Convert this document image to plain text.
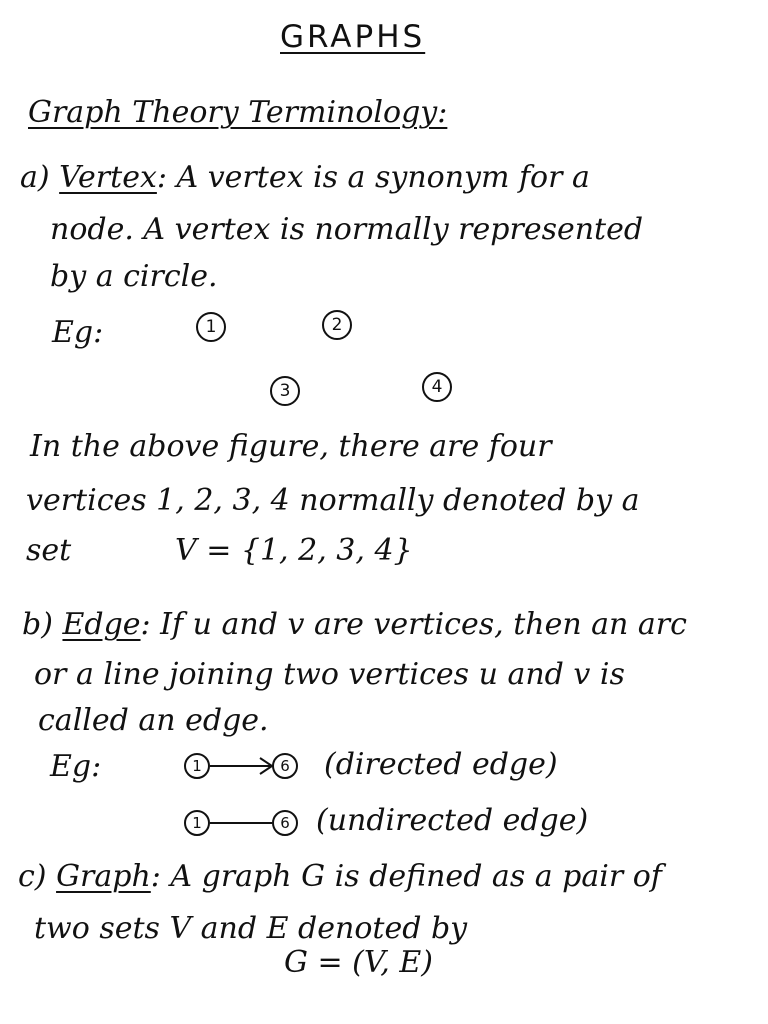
GRAPHS
Graph Theory Terminology:
a) Vertex: A vertex is a synonym for a
node. A vertex is normally represented
by a circle.
Eg:	1	2
3	4
In the above figure, there are four
vertices 1, 2, 3, 4 normally denoted by a
set	V = {1, 2, 3, 4}
b) Edge: If u and v are vertices, then an arc
or a line joining two vertices u and v is
called an edge.
Eg:	1	6 (directed edge)
1	6 (undirected edge)
c) Graph: A graph G is defined as a pair of
two sets V and E denoted by
G = (V, E)
